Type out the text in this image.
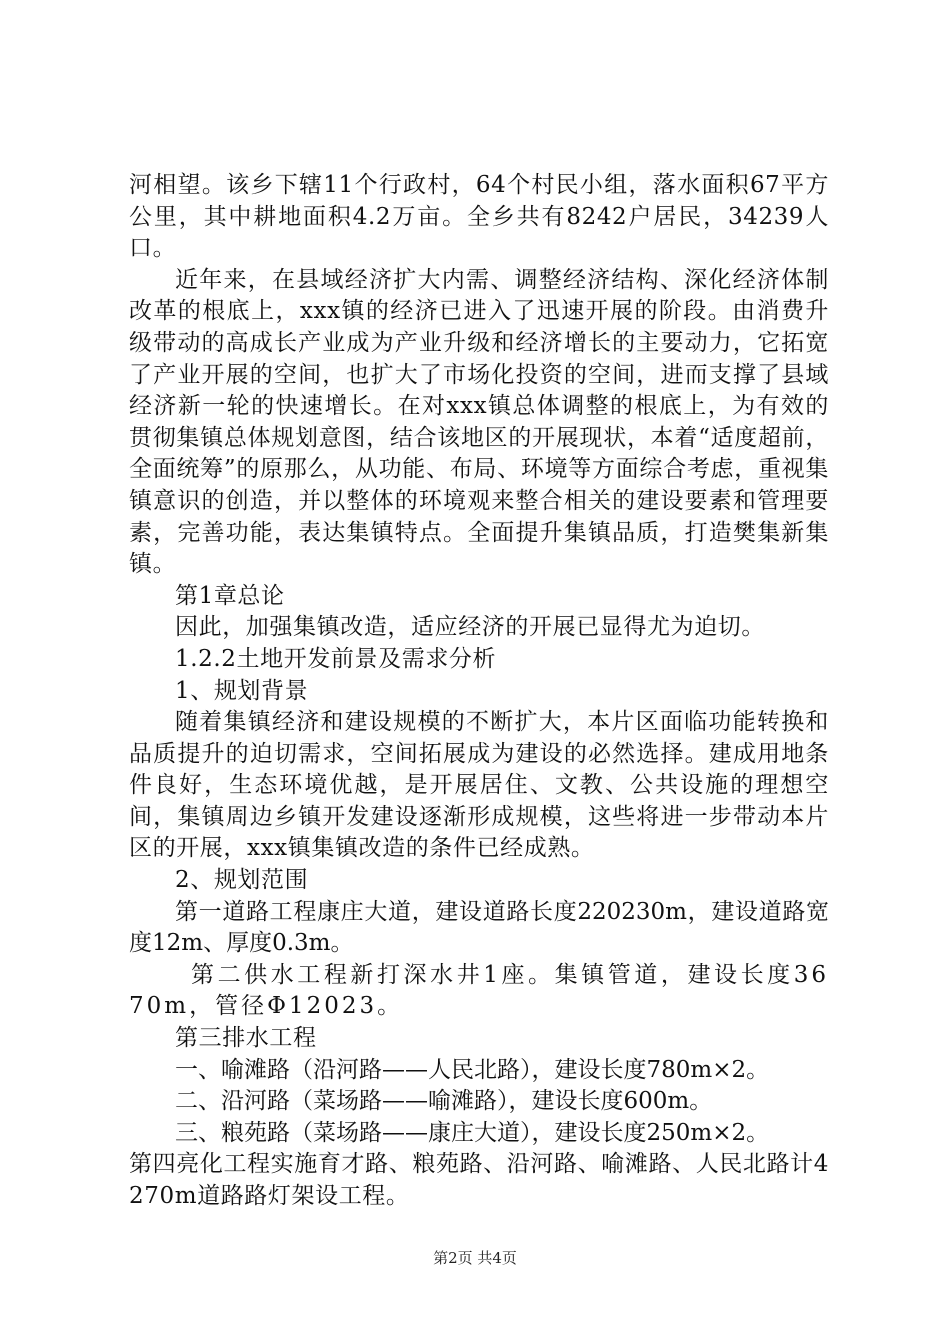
河相望。该乡下辖11个行政村，64个村民小组，落水面积67平方公里，其中耕地面积4.2万亩。全乡共有8242户居民，34239人口。

近年来，在县域经济扩大内需、调整经济结构、深化经济体制改革的根底上，xxx镇的经济已进入了迅速开展的阶段。由消费升级带动的高成长产业成为产业升级和经济增长的主要动力，它拓宽了产业开展的空间，也扩大了市场化投资的空间，进而支撑了县域经济新一轮的快速增长。在对xxx镇总体调整的根底上，为有效的贯彻集镇总体规划意图，结合该地区的开展现状，本着“适度超前，全面统筹”的原那么，从功能、布局、环境等方面综合考虑，重视集镇意识的创造，并以整体的环境观来整合相关的建设要素和管理要素，完善功能，表达集镇特点。全面提升集镇品质，打造樊集新集镇。

第1章总论

因此，加强集镇改造，适应经济的开展已显得尤为迫切。

1.2.2土地开发前景及需求分析

1、规划背景

随着集镇经济和建设规模的不断扩大，本片区面临功能转换和品质提升的迫切需求，空间拓展成为建设的必然选择。建成用地条件良好，生态环境优越，是开展居住、文教、公共设施的理想空间，集镇周边乡镇开发建设逐渐形成规模，这些将进一步带动本片区的开展，xxx镇集镇改造的条件已经成熟。

2、规划范围

第一道路工程康庄大道，建设道路长度220230m，建设道路宽度12m、厚度0.3m。

第二供水工程新打深水井1座。集镇管道，建设长度3670m，管径Φ12023。

第三排水工程

一、喻滩路（沿河路——人民北路），建设长度780m×2。

二、沿河路（菜场路——喻滩路），建设长度600m。

三、粮苑路（菜场路——康庄大道），建设长度250m×2。

第四亮化工程实施育才路、粮苑路、沿河路、喻滩路、人民北路计4270m道路路灯架设工程。

第2页 共4页
